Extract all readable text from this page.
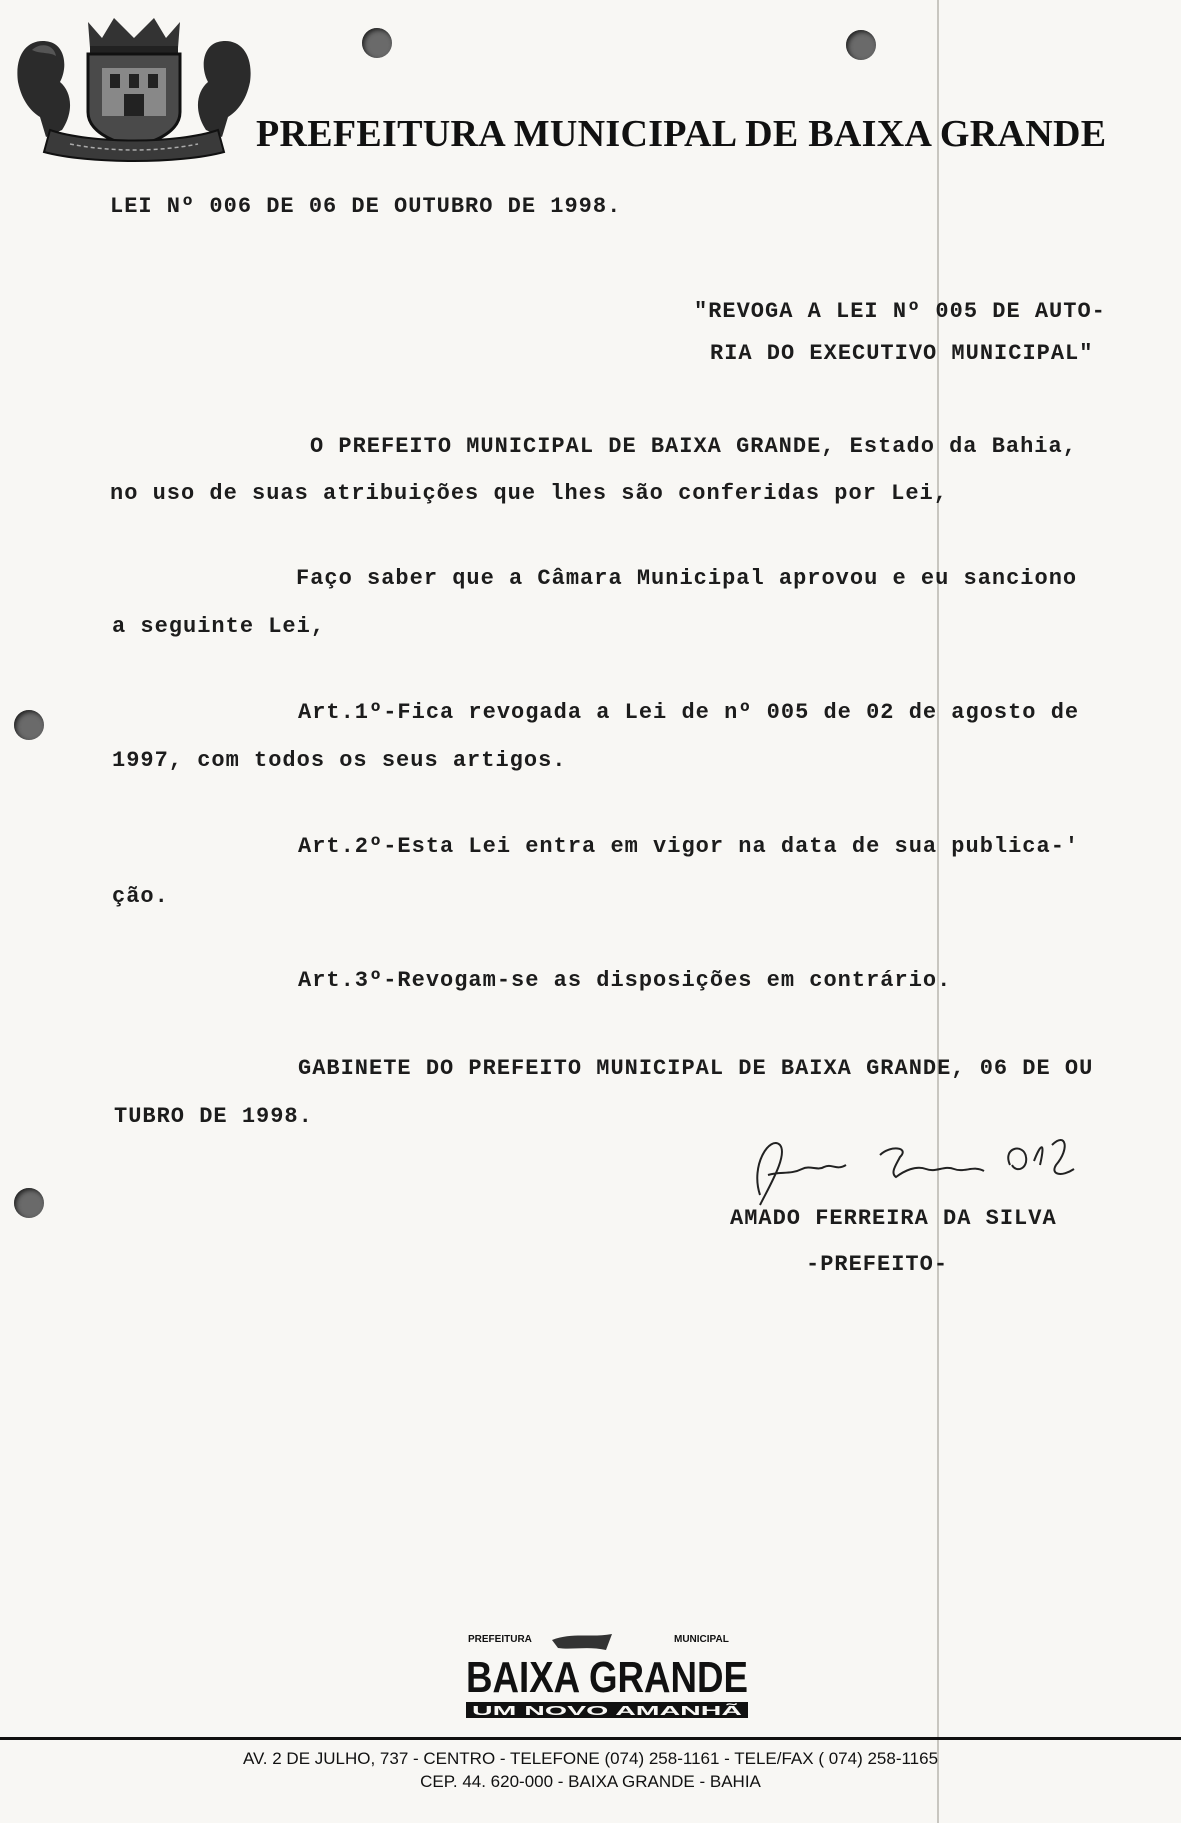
PREFEITURA MUNICIPAL DE BAIXA GRANDE
LEI Nº 006 DE 06 DE OUTUBRO DE 1998.
"REVOGA A LEI Nº 005 DE AUTO-
RIA DO EXECUTIVO MUNICIPAL"
O PREFEITO MUNICIPAL DE BAIXA GRANDE, Estado da Bahia,
no uso de suas atribuições que lhes são conferidas por Lei,
Faço saber que a Câmara Municipal aprovou e eu sanciono
a seguinte Lei,
Art.1º-Fica revogada a Lei de nº 005 de 02 de agosto de
1997, com todos os seus artigos.
Art.2º-Esta Lei entra em vigor na data de sua publica-'
ção.
Art.3º-Revogam-se as disposições em contrário.
GABINETE DO PREFEITO MUNICIPAL DE BAIXA GRANDE, 06 DE OU
TUBRO DE 1998.
AMADO FERREIRA DA SILVA
-PREFEITO-
PREFEITURA	MUNICIPAL
BAIXA GRANDE
UM NOVO AMANHÃ
AV. 2 DE JULHO, 737 - CENTRO - TELEFONE (074) 258-1161 - TELE/FAX ( 074) 258-1165
CEP. 44. 620-000 - BAIXA GRANDE - BAHIA
